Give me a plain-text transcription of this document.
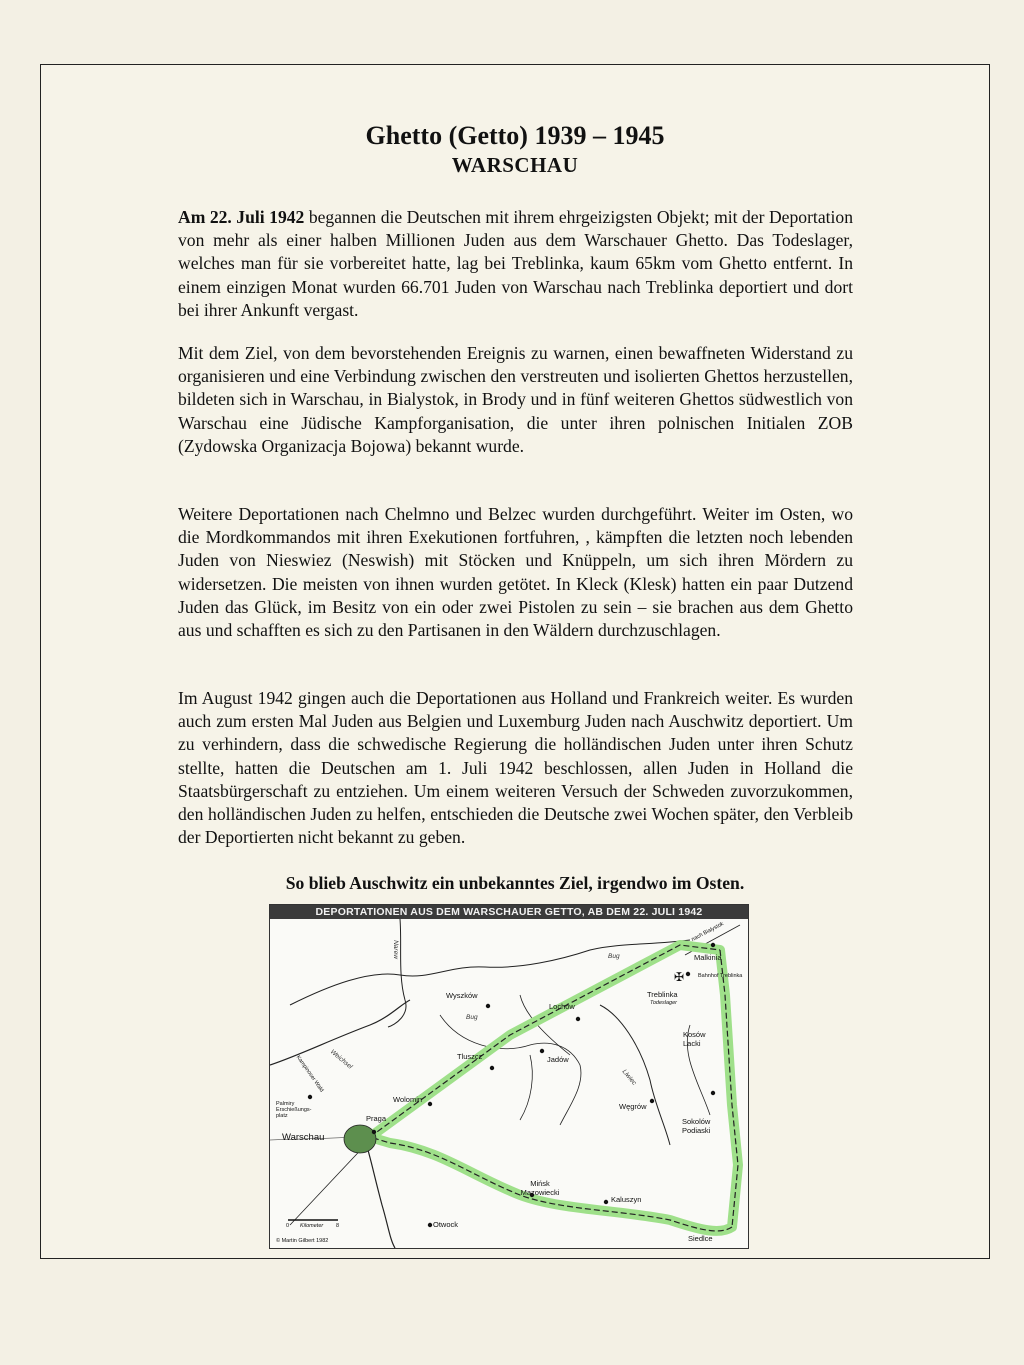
Ghetto (Getto) 1939 – 1945
WARSCHAU
Am 22. Juli 1942 begannen die Deutschen mit ihrem ehrgeizigsten Objekt; mit der Deportation von mehr als einer halben Millionen Juden aus dem Warschauer Ghetto. Das Todeslager, welches man für sie vorbereitet hatte, lag bei Treblinka, kaum 65km vom Ghetto entfernt. In einem einzigen Monat wurden 66.701 Juden von Warschau nach Treblinka deportiert und dort bei ihrer Ankunft vergast.
Mit dem Ziel, von dem bevorstehenden Ereignis zu warnen, einen bewaffneten Widerstand zu organisieren und eine Verbindung zwischen den verstreuten und isolierten Ghettos herzustellen, bildeten sich in Warschau, in Bialystok, in Brody und in fünf weiteren Ghettos südwestlich von Warschau eine Jüdische Kampforganisation, die unter ihren polnischen Initialen ZOB (Zydowska Organizacja Bojowa) bekannt wurde.
Weitere Deportationen nach Chelmno und Belzec wurden durchgeführt. Weiter im Osten, wo die Mordkommandos mit ihren Exekutionen fortfuhren, , kämpften die letzten noch lebenden Juden von Nieswiez (Neswish) mit Stöcken und Knüppeln, um sich ihren Mördern zu widersetzen. Die meisten von ihnen wurden getötet. In Kleck (Klesk) hatten ein paar Dutzend Juden das Glück, im Besitz von ein oder zwei Pistolen zu sein – sie brachen aus dem Ghetto aus und schafften es sich zu den Partisanen in den Wäldern durchzuschlagen.
Im August 1942 gingen auch die Deportationen aus Holland und Frankreich weiter. Es wurden auch zum ersten Mal Juden aus Belgien und Luxemburg Juden nach Auschwitz deportiert. Um zu verhindern, dass die schwedische Regierung die holländischen Juden unter ihren Schutz stellte, hatten die Deutschen am 1. Juli 1942 beschlossen, allen Juden in Holland die Staatsbürgerschaft zu entziehen. Um einem weiteren Versuch der Schweden zuvorzukommen, den holländischen Juden zu helfen, entschieden die Deutsche zwei Wochen später, den Verbleib der Deportierten nicht bekannt zu geben.
So blieb Auschwitz ein unbekanntes Ziel, irgendwo im Osten.
✠
DEPORTATIONEN AUS DEM WARSCHAUER GETTO, AB DEM 22. JULI 1942
nach Bialystok
Malkinia
Bahnhof Treblinka
Treblinka
Todeslager
Wyszków
Lochów
Kosów Lacki
Tluszcz	Jadów
Wolomin
Węgrów
Praga
Warschau
Sokolów Podiaski
Mińsk Mazowiecki
Kaluszyn
Otwock
Siedlce
Palmiry Erschießungs-platz
Kampinoser Wald
Bug
Bug
Narew
Weichsel
Liwiec
0 Kilometer 8
© Martin Gilbert 1982
